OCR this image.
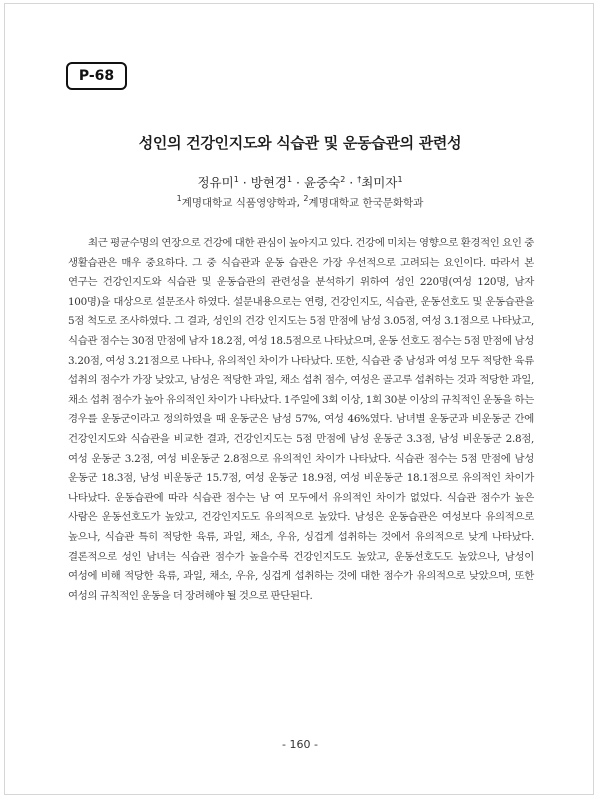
P-68
성인의 건강인지도와 식습관 및 운동습관의 관련성
정유미$^1$ · 방현경$^1$ · 윤중숙$^2$ · †최미자$^1$
$^1$계명대학교 식품영양학과, $^2$계명대학교 한국문화학과

최근 평균수명의 연장으로 건강에 대한 관심이 높아지고 있다. 건강에 미치는 영향으로 환경적인 요인 중 생활습관은 매우 중요하다. 그 중 식습관과 운동 습관은 가장 우선적으로 고려되는 요인이다. 따라서 본 연구는 건강인지도와 식습관 및 운동습관의 관련성을 분석하기 위하여 성인 220명(여성 120명, 남자 100명)을 대상으로 설문조사 하였다. 설문내용으로는 연령, 건강인지도, 식습관, 운동선호도 및 운동습관을 5점 척도로 조사하였다. 그 결과, 성인의 건강 인지도는 5점 만점에 남성 3.05점, 여성 3.1점으로 나타났고, 식습관 점수는 30점 만점에 남자 18.2점, 여성 18.5점으로 나타났으며, 운동 선호도 점수는 5점 만점에 남성 3.20점, 여성 3.21점으로 나타나, 유의적인 차이가 나타났다. 또한, 식습관 중 남성과 여성 모두 적당한 육류 섭취의 점수가 가장 낮았고, 남성은 적당한 과일, 채소 섭취 점수, 여성은 골고루 섭취하는 것과 적당한 과일, 채소 섭취 점수가 높아 유의적인 차이가 나타났다. 1주일에 3회 이상, 1회 30분 이상의 규칙적인 운동을 하는 경우를 운동군이라고 정의하였을 때 운동군은 남성 57%, 여성 46%였다. 남녀별 운동군과 비운동군 간에 건강인지도와 식습관을 비교한 결과, 건강인지도는 5점 만점에 남성 운동군 3.3점, 남성 비운동군 2.8점, 여성 운동군 3.2점, 여성 비운동군 2.8점으로 유의적인 차이가 나타났다. 식습관 점수는 5점 만점에 남성 운동군 18.3점, 남성 비운동군 15.7점, 여성 운동군 18.9점, 여성 비운동군 18.1점으로 유의적인 차이가 나타났다. 운동습관에 따라 식습관 점수는 남 여 모두에서 유의적인 차이가 없었다. 식습관 점수가 높은 사람은 운동선호도가 높았고, 건강인지도도 유의적으로 높았다. 남성은 운동습관은 여성보다 유의적으로 높으나, 식습관 특히 적당한 육류, 과일, 채소, 우유, 싱겁게 섭취하는 것에서 유의적으로 낮게 나타났다. 결론적으로 성인 남녀는 식습관 점수가 높을수록 건강인지도도 높았고, 운동선호도도 높았으나, 남성이 여성에 비해 적당한 육류, 과일, 채소, 우유, 싱겁게 섭취하는 것에 대한 점수가 유의적으로 낮았으며, 또한 여성의 규칙적인 운동을 더 장려해야 될 것으로 판단된다.

- 160 -
